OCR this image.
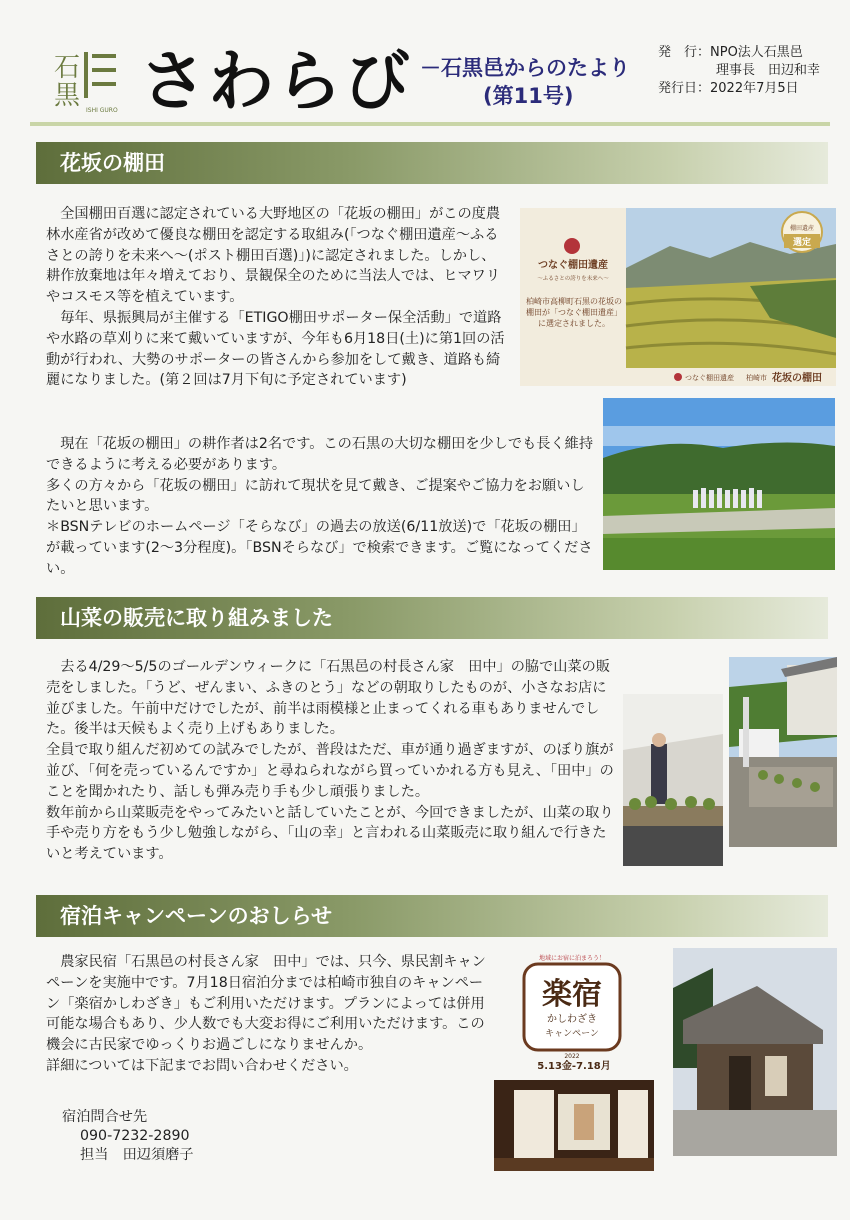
石
黒 ISHI GURO さわらび －石黒邑からのたより
(第11号)
発　行：NPO法人石黒邑
理事長　田辺和幸
発行日：2022年7月5日
花坂の棚田

　全国棚田百選に認定されている大野地区の「花坂の棚田」がこの度農林水産省が改めて優良な棚田を認定する取組み(「つなぐ棚田遺産～ふるさとの誇りを未来へ～(ポスト棚田百選)」)に認定されました。しかし、耕作放棄地は年々増えており、景観保全のために当法人では、ヒマワリやコスモス等を植えています。

　毎年、県振興局が主催する「ETIGO棚田サポーター保全活動」で道路や水路の草刈りに来て戴いていますが、今年も6月18日(土)に第1回の活動が行われ、大勢のサポーターの皆さんから参加をして戴き、道路も綺麗になりました。(第２回は7月下旬に予定されています)

つなぐ棚田遺産
～ふるさとの誇りを未来へ～
柏崎市高柳町石黒の花坂の棚田が「つなぐ棚田遺産」に選定されました。
棚田遺産
選定
つなぐ棚田遺産 柏崎市 花坂の棚田

　現在「花坂の棚田」の耕作者は2名です。この石黒の大切な棚田を少しでも長く維持できるように考える必要があります。

多くの方々から「花坂の棚田」に訪れて現状を見て戴き、ご提案やご協力をお願いしたいと思います。

＊BSNテレビのホームページ「そらなび」の過去の放送(6/11放送)で「花坂の棚田」が載っています(2～3分程度)。「BSNそらなび」で検索できます。ご覧になってください。

山菜の販売に取り組みました

　去る4/29～5/5のゴールデンウィークに「石黒邑の村長さん家　田中」の脇で山菜の販売をしました。「うど、ぜんまい、ふきのとう」などの朝取りしたものが、小さなお店に並びました。午前中だけでしたが、前半は雨模様と止まってくれる車もありませんでした。後半は天候もよく売り上げもありました。

全員で取り組んだ初めての試みでしたが、普段はただ、車が通り過ぎますが、のぼり旗が並び、「何を売っているんですか」と尋ねられながら買っていかれる方も見え、「田中」のことを聞かれたり、話しも弾み売り手も少し頑張りました。

数年前から山菜販売をやってみたいと話していたことが、今回できましたが、山菜の取り手や売り方をもう少し勉強しながら、「山の幸」と言われる山菜販売に取り組んで行きたいと考えています。

宿泊キャンペーンのおしらせ

　農家民宿「石黒邑の村長さん家　田中」では、只今、県民割キャンペーンを実施中です。7月18日宿泊分までは柏崎市独自のキャンペーン「楽宿かしわざき」もご利用いただけます。プランによっては併用可能な場合もあり、少人数でも大変お得にご利用いただけます。この機会に古民家でゆっくりお過ごしになりませんか。

詳細については下記までお問い合わせください。

宿泊問合せ先
090-7232-2890
担当　田辺須磨子
地域にお宿に泊まろう！
楽宿
かしわざき
キャンペーン
2022
5.13金-7.18月
